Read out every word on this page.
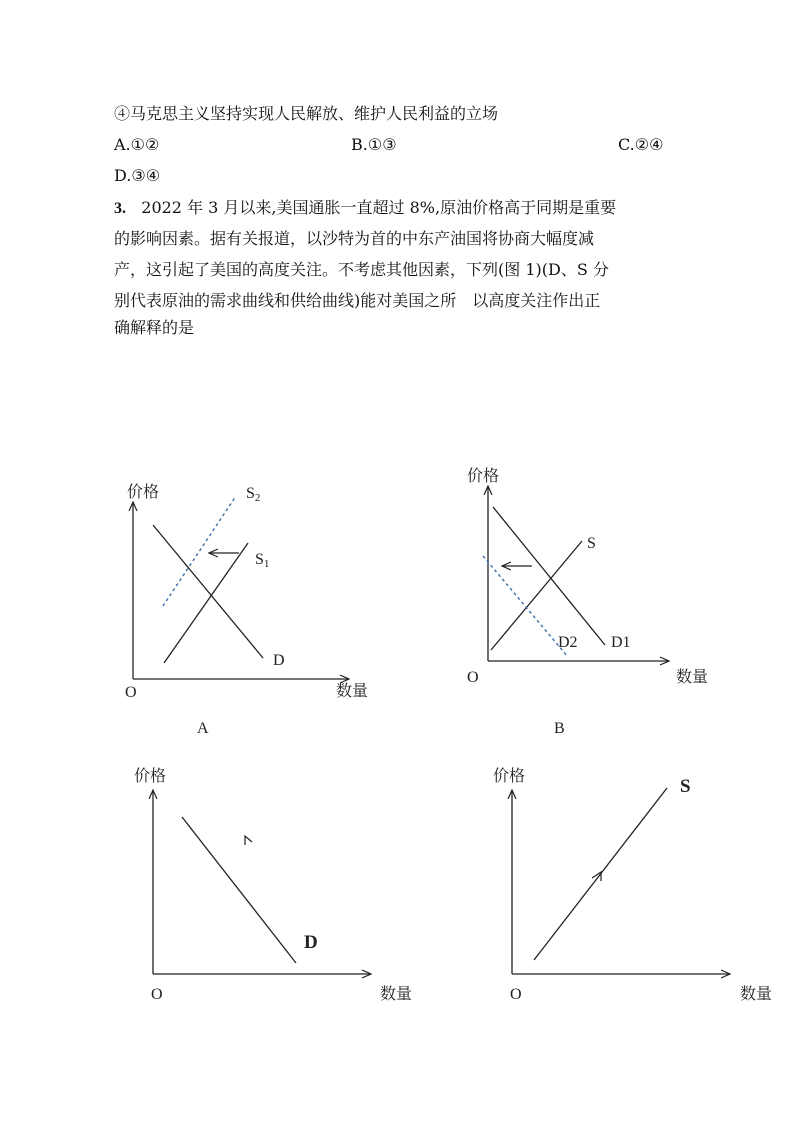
④马克思主义坚持实现人民解放、维护人民利益的立场
A.①②	B.①③	C.②④
D.③④
3. 2022 年 3 月以来,美国通胀一直超过 8%,原油价格高于同期是重要
的影响因素。据有关报道，以沙特为首的中东产油国将协商大幅度减
产，这引起了美国的高度关注。不考虑其他因素，下列(图 1)(D、S 分
别代表原油的需求曲线和供给曲线)能对美国之所　以高度关注作出正
确解释的是
价格
数量
O
S2
S1
D
A
价格
数量
O
S
D2 D1
B
价格
数量
O
D
价格
数量
O
S
